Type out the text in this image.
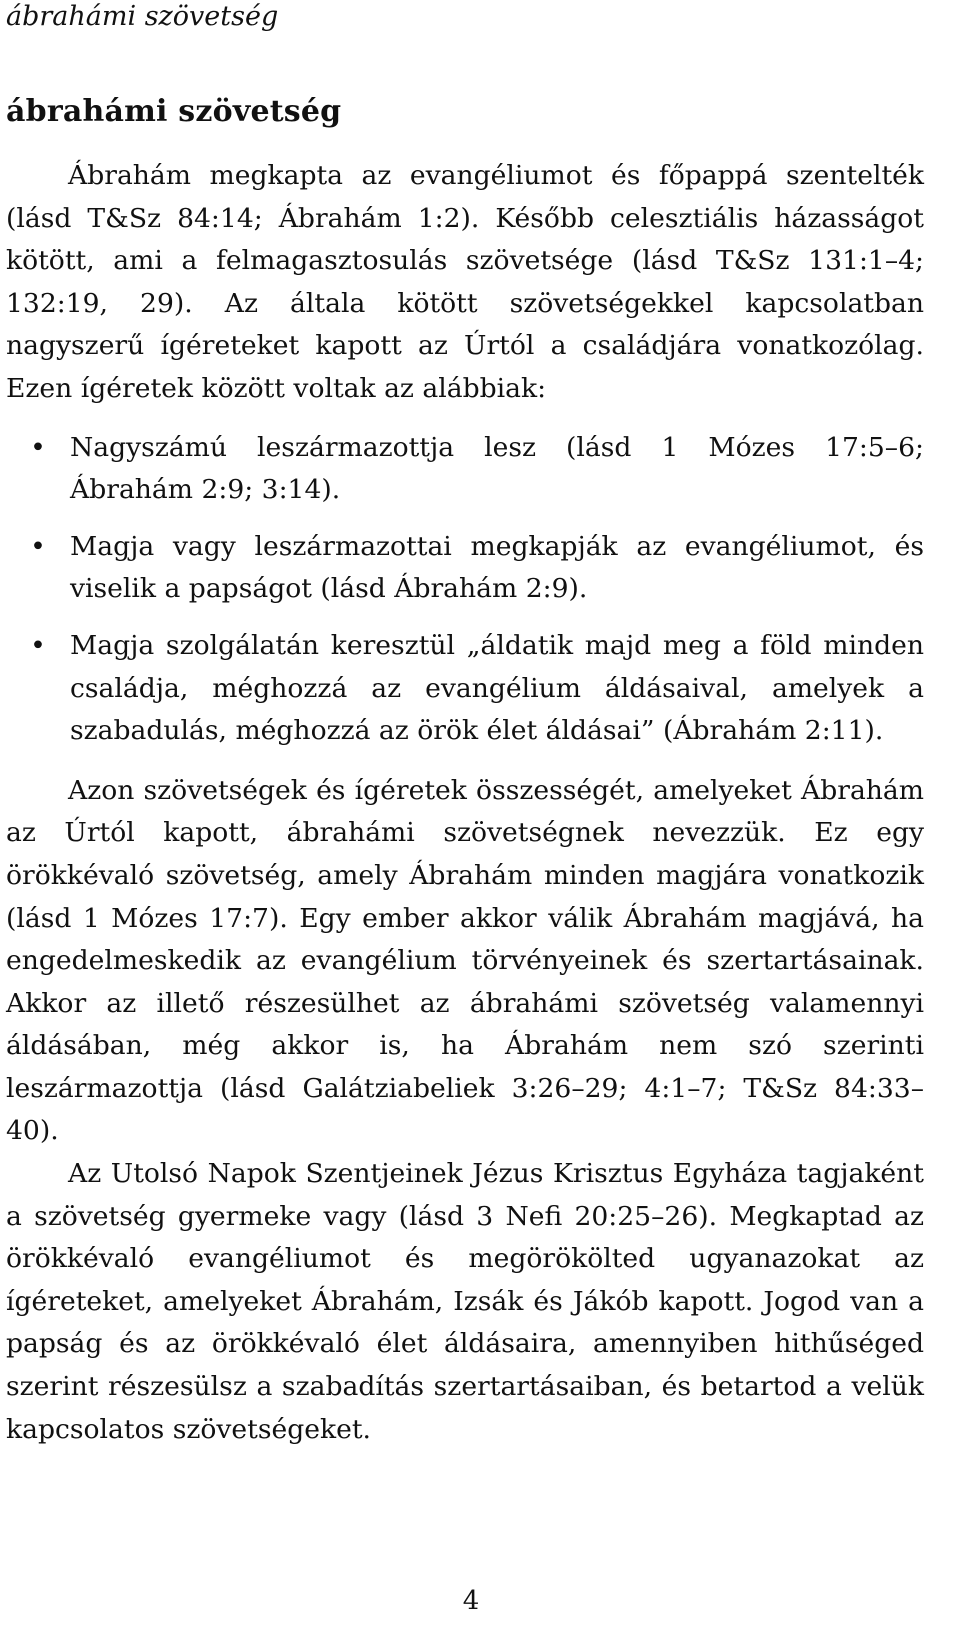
ábrahámi szövetség
ábrahámi szövetség

Ábrahám megkapta az evangéliumot és főpappá szentelték (lásd T&Sz 84:14; Ábrahám 1:2). Később celesztiális házasságot kötött, ami a felmagasztosulás szövetsége (lásd T&Sz 131:1–4; 132:19, 29). Az általa kötött szövetségekkel kapcsolatban nagyszerű ígéreteket kapott az Úrtól a családjára vonatkozólag. Ezen ígéretek között voltak az alábbiak:

• Nagyszámú leszármazottja lesz (lásd 1 Mózes 17:5–6; Ábrahám 2:9; 3:14).
• Magja vagy leszármazottai megkapják az evangéliumot, és viselik a papságot (lásd Ábrahám 2:9).
• Magja szolgálatán keresztül „áldatik majd meg a föld minden családja, méghozzá az evangélium áldásaival, amelyek a szabadulás, méghozzá az örök élet áldásai” (Ábrahám 2:11).

Azon szövetségek és ígéretek összességét, amelyeket Ábrahám az Úrtól kapott, ábrahámi szövetségnek nevezzük. Ez egy örökkévaló szövetség, amely Ábrahám minden magjára vonatkozik (lásd 1 Mózes 17:7). Egy ember akkor válik Ábrahám magjává, ha engedelmeskedik az evangélium törvényeinek és szertartásainak. Akkor az illető részesülhet az ábrahámi szövetség valamennyi áldásában, még akkor is, ha Ábrahám nem szó szerinti leszármazottja (lásd Galátziabeliek 3:26–29; 4:1–7; T&Sz 84:33–40).

Az Utolsó Napok Szentjeinek Jézus Krisztus Egyháza tagjaként a szövetség gyermeke vagy (lásd 3 Nefi 20:25–26). Megkaptad az örökkévaló evangéliumot és megörökölted ugyanazokat az ígéreteket, amelyeket Ábrahám, Izsák és Jákób kapott. Jogod van a papság és az örökkévaló élet áldásaira, amennyiben hithűséged szerint részesülsz a szabadítás szertartásaiban, és betartod a velük kapcsolatos szövetségeket.

4
